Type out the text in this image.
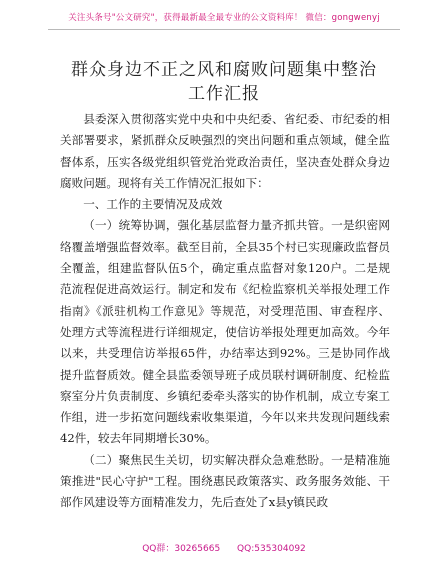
关注头条号"公文研究"，获得最新最全最专业的公文资料库！ 微信：gongwenyj
群众身边不正之风和腐败问题集中整治
工作汇报

县委深入贯彻落实党中央和中央纪委、省纪委、市纪委的相关部署要求，紧抓群众反映强烈的突出问题和重点领域，健全监督体系，压实各级党组织管党治党政治责任，坚决查处群众身边腐败问题。现将有关工作情况汇报如下：

一、工作的主要情况及成效

（一）统筹协调，强化基层监督力量齐抓共管。一是织密网络覆盖增强监督效率。截至目前，全县35个村已实现廉政监督员全覆盖，组建监督队伍5个，确定重点监督对象120户。二是规范流程促进高效运行。制定和发布《纪检监察机关举报处理工作指南》《派驻机构工作意见》等规范，对受理范围、审查程序、处理方式等流程进行详细规定，使信访举报处理更加高效。今年以来，共受理信访举报65件，办结率达到92%。三是协同作战提升监督质效。健全县监委领导班子成员联村调研制度、纪检监察室分片负责制度、乡镇纪委牵头落实的协作机制，成立专案工作组，进一步拓宽问题线索收集渠道，今年以来共发现问题线索42件，较去年同期增长30%。

（二）聚焦民生关切，切实解决群众急难愁盼。一是精准施策推进"民心守护"工程。围绕惠民政策落实、政务服务效能、干部作风建设等方面精准发力，先后查处了x县y镇民政

QQ群：30265665 QQ:535304092
